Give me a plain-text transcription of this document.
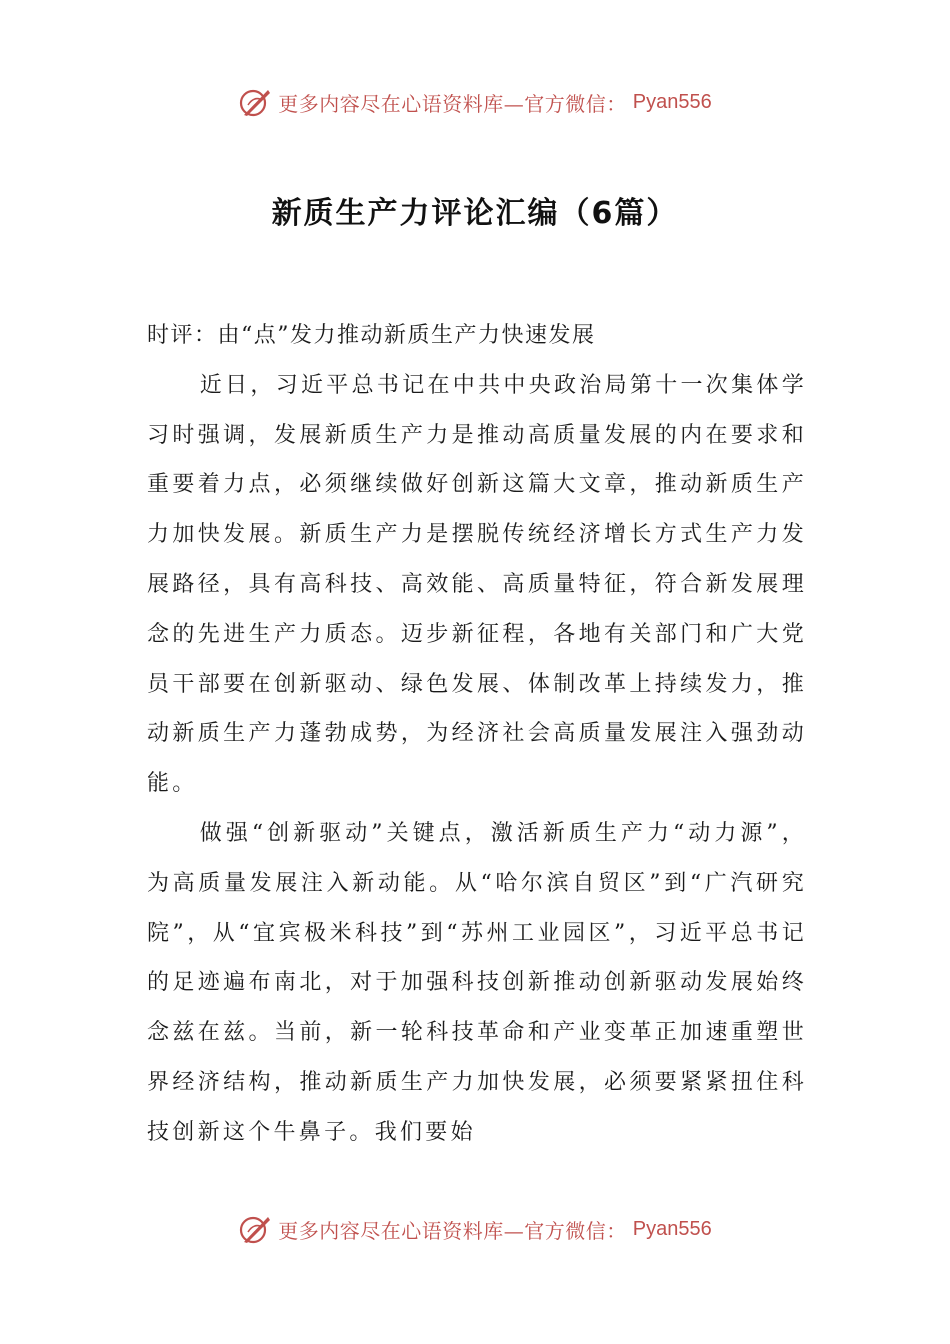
更多内容尽在心语资料库—官方微信： Pyan556
新质生产力评论汇编（6篇）

时评：由“点”发力推动新质生产力快速发展

近日，习近平总书记在中共中央政治局第十一次集体学习时强调，发展新质生产力是推动高质量发展的内在要求和重要着力点，必须继续做好创新这篇大文章，推动新质生产力加快发展。新质生产力是摆脱传统经济增长方式生产力发展路径，具有高科技、高效能、高质量特征，符合新发展理念的先进生产力质态。迈步新征程，各地有关部门和广大党员干部要在创新驱动、绿色发展、体制改革上持续发力，推动新质生产力蓬勃成势，为经济社会高质量发展注入强劲动能。

做强“创新驱动”关键点，激活新质生产力“动力源”，为高质量发展注入新动能。从“哈尔滨自贸区”到“广汽研究院”，从“宜宾极米科技”到“苏州工业园区”，习近平总书记的足迹遍布南北，对于加强科技创新推动创新驱动发展始终念兹在兹。当前，新一轮科技革命和产业变革正加速重塑世界经济结构，推动新质生产力加快发展，必须要紧紧扭住科技创新这个牛鼻子。我们要始

更多内容尽在心语资料库—官方微信： Pyan556
